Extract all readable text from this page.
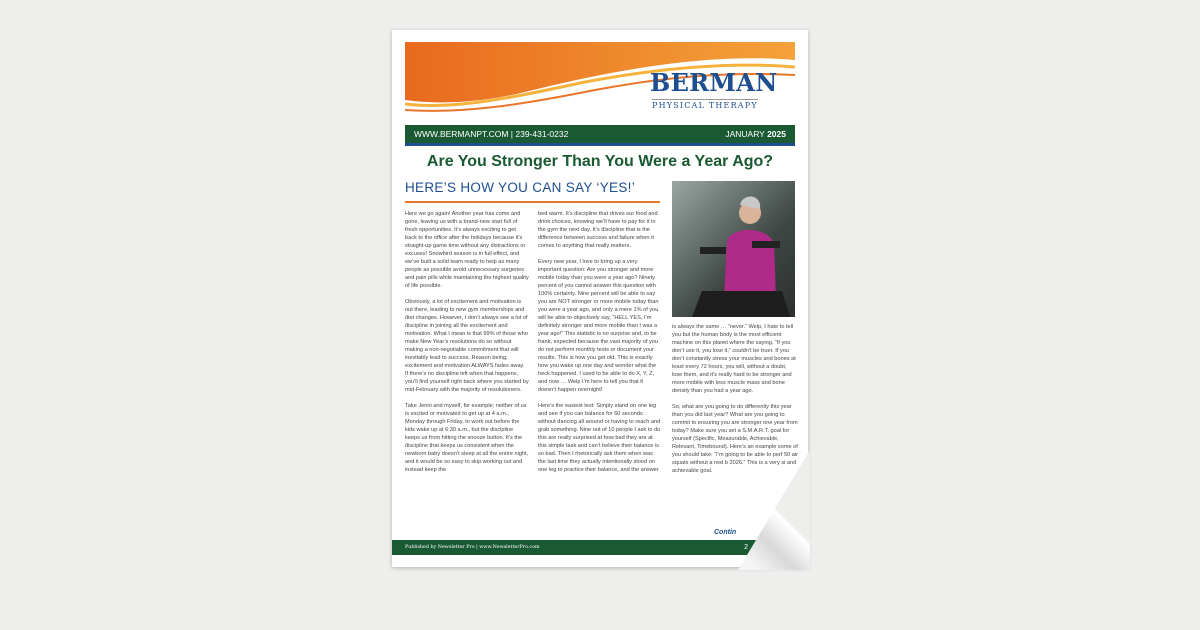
BERMAN
PHYSICAL THERAPY
WWW.BERMANPT.COM | 239-431-0232	JANUARY 2025
Are You Stronger Than You Were a Year Ago?
HERE’S HOW YOU CAN SAY ‘YES!’

Here we go again! Another year has come and gone, leaving us with a brand-new start full of fresh opportunities. It’s always exciting to get back to the office after the holidays because it’s straight-up game time without any distractions or excuses! Snowbird season is in full effect, and we’ve built a solid team ready to help as many people as possible avoid unnecessary surgeries and pain pills while maintaining the highest quality of life possible.

Obviously, a lot of excitement and motivation is out there, leading to new gym memberships and diet changes. However, I don’t always see a lot of discipline in joining all the excitement and motivation. What I mean is that 99% of those who make New Year’s resolutions do so without making a non-negotiable commitment that will inevitably lead to success. Reason being, excitement and motivation ALWAYS fades away. If there’s no discipline left when that happens, you’ll find yourself right back where you started by mid-February with the majority of resolutioners.

Take Jenni and myself, for example; neither of us is excited or motivated to get up at 4 a.m., Monday through Friday, to work out before the kids wake up at 6:30 a.m., but the discipline keeps us from hitting the snooze button. It’s the discipline that keeps us consistent when the newborn baby doesn’t sleep at all the entire night, and it would be so easy to skip working out and instead keep the

bed warm. It’s discipline that drives our food and drink choices, knowing we’ll have to pay for it in the gym the next day. It’s discipline that is the difference between success and failure when it comes to anything that really matters.

Every new year, I love to bring up a very important question: Are you stronger and more mobile today than you were a year ago? Ninety percent of you cannot answer this question with 100% certainty. Nine percent will be able to say you are NOT stronger or more mobile today than you were a year ago, and only a mere 1% of you will be able to objectively say, “HELL YES, I’m definitely stronger and more mobile than I was a year ago!” This statistic is no surprise and, to be frank, expected because the vast majority of you do not perform monthly tests or document your results. This is how you get old. This is exactly how you wake up one day and wonder what the heck happened. I used to be able to do X, Y, Z, and now … Welp I’m here to tell you that it doesn’t happen overnight!

Here’s the easiest test: Simply stand on one leg and see if you can balance for 60 seconds without dancing all around or having to reach and grab something. Nine out of 10 people I ask to do this are really surprised at how bad they are at this simple task and can’t believe their balance is so bad. Then I rhetorically ask them when was the last time they actually intentionally stood on one leg to practice their balance, and the answer

is always the same … “never.” Welp, I hate to tell you but the human body is the most efficient machine on this planet where the saying, “If you don’t use it, you lose it,” couldn’t be truer. If you don’t constantly stress your muscles and bones at least every 72 hours, you will, without a doubt, lose them, and it’s really hard to be stronger and more mobile with less muscle mass and bone density than you had a year ago.

So, what are you going to do differently this year than you did last year? What are you going to commit to ensuring you are stronger one year from today? Make sure you set a S.M.A.R.T. goal for yourself (Specific, Measurable, Achievable, Relevant, Timebound). Here’s an example some of you should take: “I’m going to be able to perf 50 air squats without a rest b 2026.” This is a very si and achievable goal.

Contin
Published by Newsletter Pro | www.NewsletterPro.com	2
